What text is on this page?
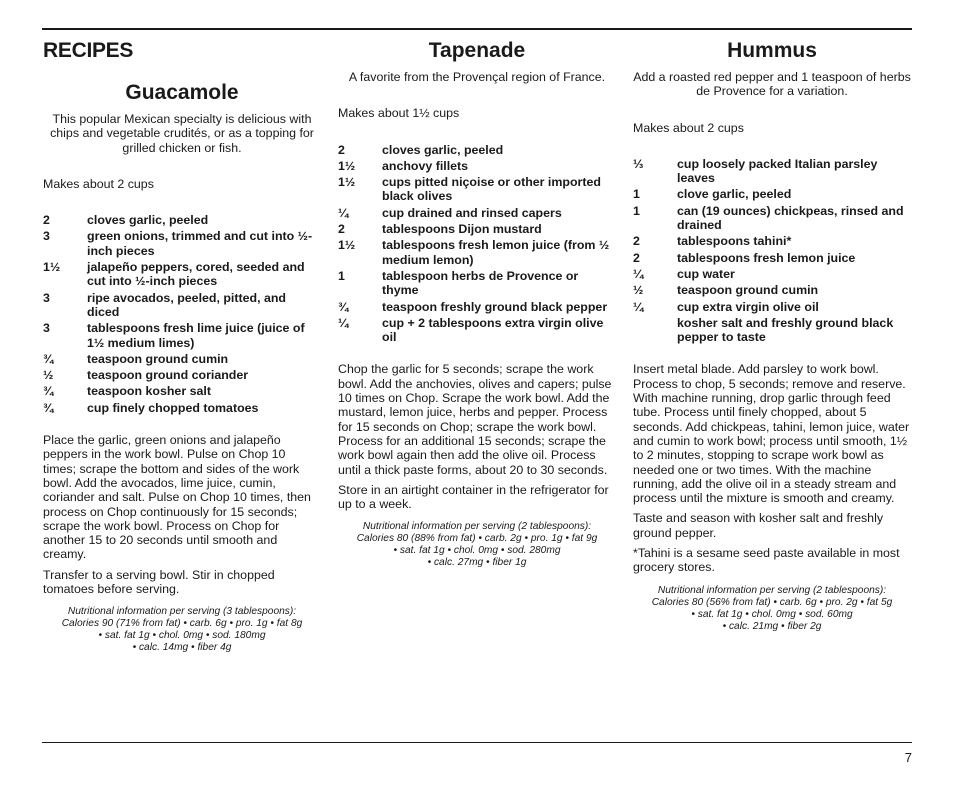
RECIPES
Guacamole

This popular Mexican specialty is delicious with chips and vegetable crudités, or as a topping for grilled chicken or fish.

Makes about 2 cups

2	cloves garlic, peeled
3	green onions, trimmed and cut into ½-inch pieces
1½	jalapeño peppers, cored, seeded and cut into ½-inch pieces
3	ripe avocados, peeled, pitted, and diced
3	tablespoons fresh lime juice (juice of 1½ medium limes)
¾	teaspoon ground cumin
½	teaspoon ground coriander
¾	teaspoon kosher salt
¾	cup finely chopped tomatoes

Place the garlic, green onions and jalapeño peppers in the work bowl. Pulse on Chop 10 times; scrape the bottom and sides of the work bowl. Add the avocados, lime juice, cumin, coriander and salt. Pulse on Chop 10 times, then process on Chop continuously for 15 seconds; scrape the work bowl. Process on Chop for another 15 to 20 seconds until smooth and creamy.

Transfer to a serving bowl. Stir in chopped tomatoes before serving.

Nutritional information per serving (3 tablespoons):
Calories 90 (71% from fat) • carb. 6g • pro. 1g • fat 8g
• sat. fat 1g • chol. 0mg • sod. 180mg
• calc. 14mg • fiber 4g
Tapenade

A favorite from the Provençal region of France.

Makes about 1½ cups

2	cloves garlic, peeled
1½	anchovy fillets
1½	cups pitted niçoise or other imported black olives
¼	cup drained and rinsed capers
2	tablespoons Dijon mustard
1½	tablespoons fresh lemon juice (from ½ medium lemon)
1	tablespoon herbs de Provence or thyme
¾	teaspoon freshly ground black pepper
¼	cup + 2 tablespoons extra virgin olive oil

Chop the garlic for 5 seconds; scrape the work bowl. Add the anchovies, olives and capers; pulse 10 times on Chop. Scrape the work bowl. Add the mustard, lemon juice, herbs and pepper. Process for 15 seconds on Chop; scrape the work bowl. Process for an additional 15 seconds; scrape the work bowl again then add the olive oil. Process until a thick paste forms, about 20 to 30 seconds.

Store in an airtight container in the refrigerator for up to a week.

Nutritional information per serving (2 tablespoons):
Calories 80 (88% from fat) • carb. 2g • pro. 1g • fat 9g
• sat. fat 1g • chol. 0mg • sod. 280mg
• calc. 27mg • fiber 1g
Hummus

Add a roasted red pepper and 1 teaspoon of herbs de Provence for a variation.

Makes about 2 cups

⅓	cup loosely packed Italian parsley leaves
1	clove garlic, peeled
1	can (19 ounces) chickpeas, rinsed and drained
2	tablespoons tahini*
2	tablespoons fresh lemon juice
¼	cup water
½	teaspoon ground cumin
¼	cup extra virgin olive oil
	kosher salt and freshly ground black pepper to taste

Insert metal blade. Add parsley to work bowl. Process to chop, 5 seconds; remove and reserve. With machine running, drop garlic through feed tube. Process until finely chopped, about 5 seconds. Add chickpeas, tahini, lemon juice, water and cumin to work bowl; process until smooth, 1½ to 2 minutes, stopping to scrape work bowl as needed one or two times. With the machine running, add the olive oil in a steady stream and process until the mixture is smooth and creamy.

Taste and season with kosher salt and freshly ground pepper.

*Tahini is a sesame seed paste available in most grocery stores.

Nutritional information per serving (2 tablespoons):
Calories 80 (56% from fat) • carb. 6g • pro. 2g • fat 5g
• sat. fat 1g • chol. 0mg • sod. 60mg
• calc. 21mg • fiber 2g
7
